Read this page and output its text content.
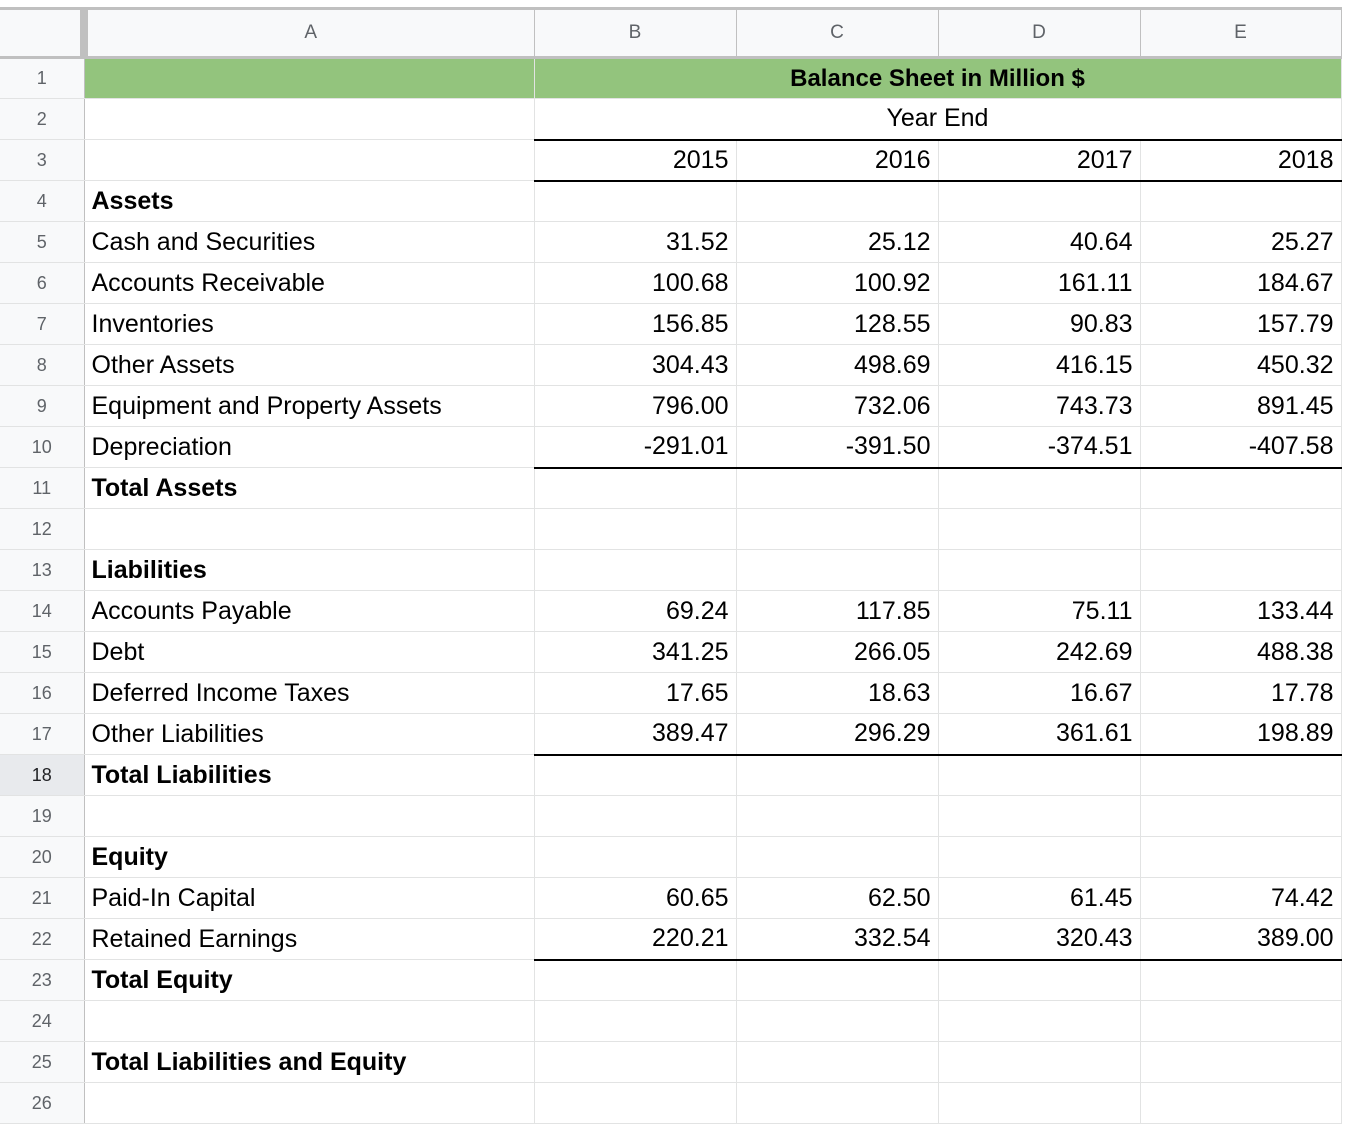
	A	B	C	D	E
1		Balance Sheet in Million $			
2		Year End			
3		2015	2016	2017	2018
4	Assets				
5	Cash and Securities	31.52	25.12	40.64	25.27
6	Accounts Receivable	100.68	100.92	161.11	184.67
7	Inventories	156.85	128.55	90.83	157.79
8	Other Assets	304.43	498.69	416.15	450.32
9	Equipment and Property Assets	796.00	732.06	743.73	891.45
10	Depreciation	-291.01	-391.50	-374.51	-407.58
11	Total Assets				
12					
13	Liabilities				
14	Accounts Payable	69.24	117.85	75.11	133.44
15	Debt	341.25	266.05	242.69	488.38
16	Deferred Income Taxes	17.65	18.63	16.67	17.78
17	Other Liabilities	389.47	296.29	361.61	198.89
18	Total Liabilities				
19					
20	Equity				
21	Paid-In Capital	60.65	62.50	61.45	74.42
22	Retained Earnings	220.21	332.54	320.43	389.00
23	Total Equity				
24					
25	Total Liabilities and Equity				
26					
